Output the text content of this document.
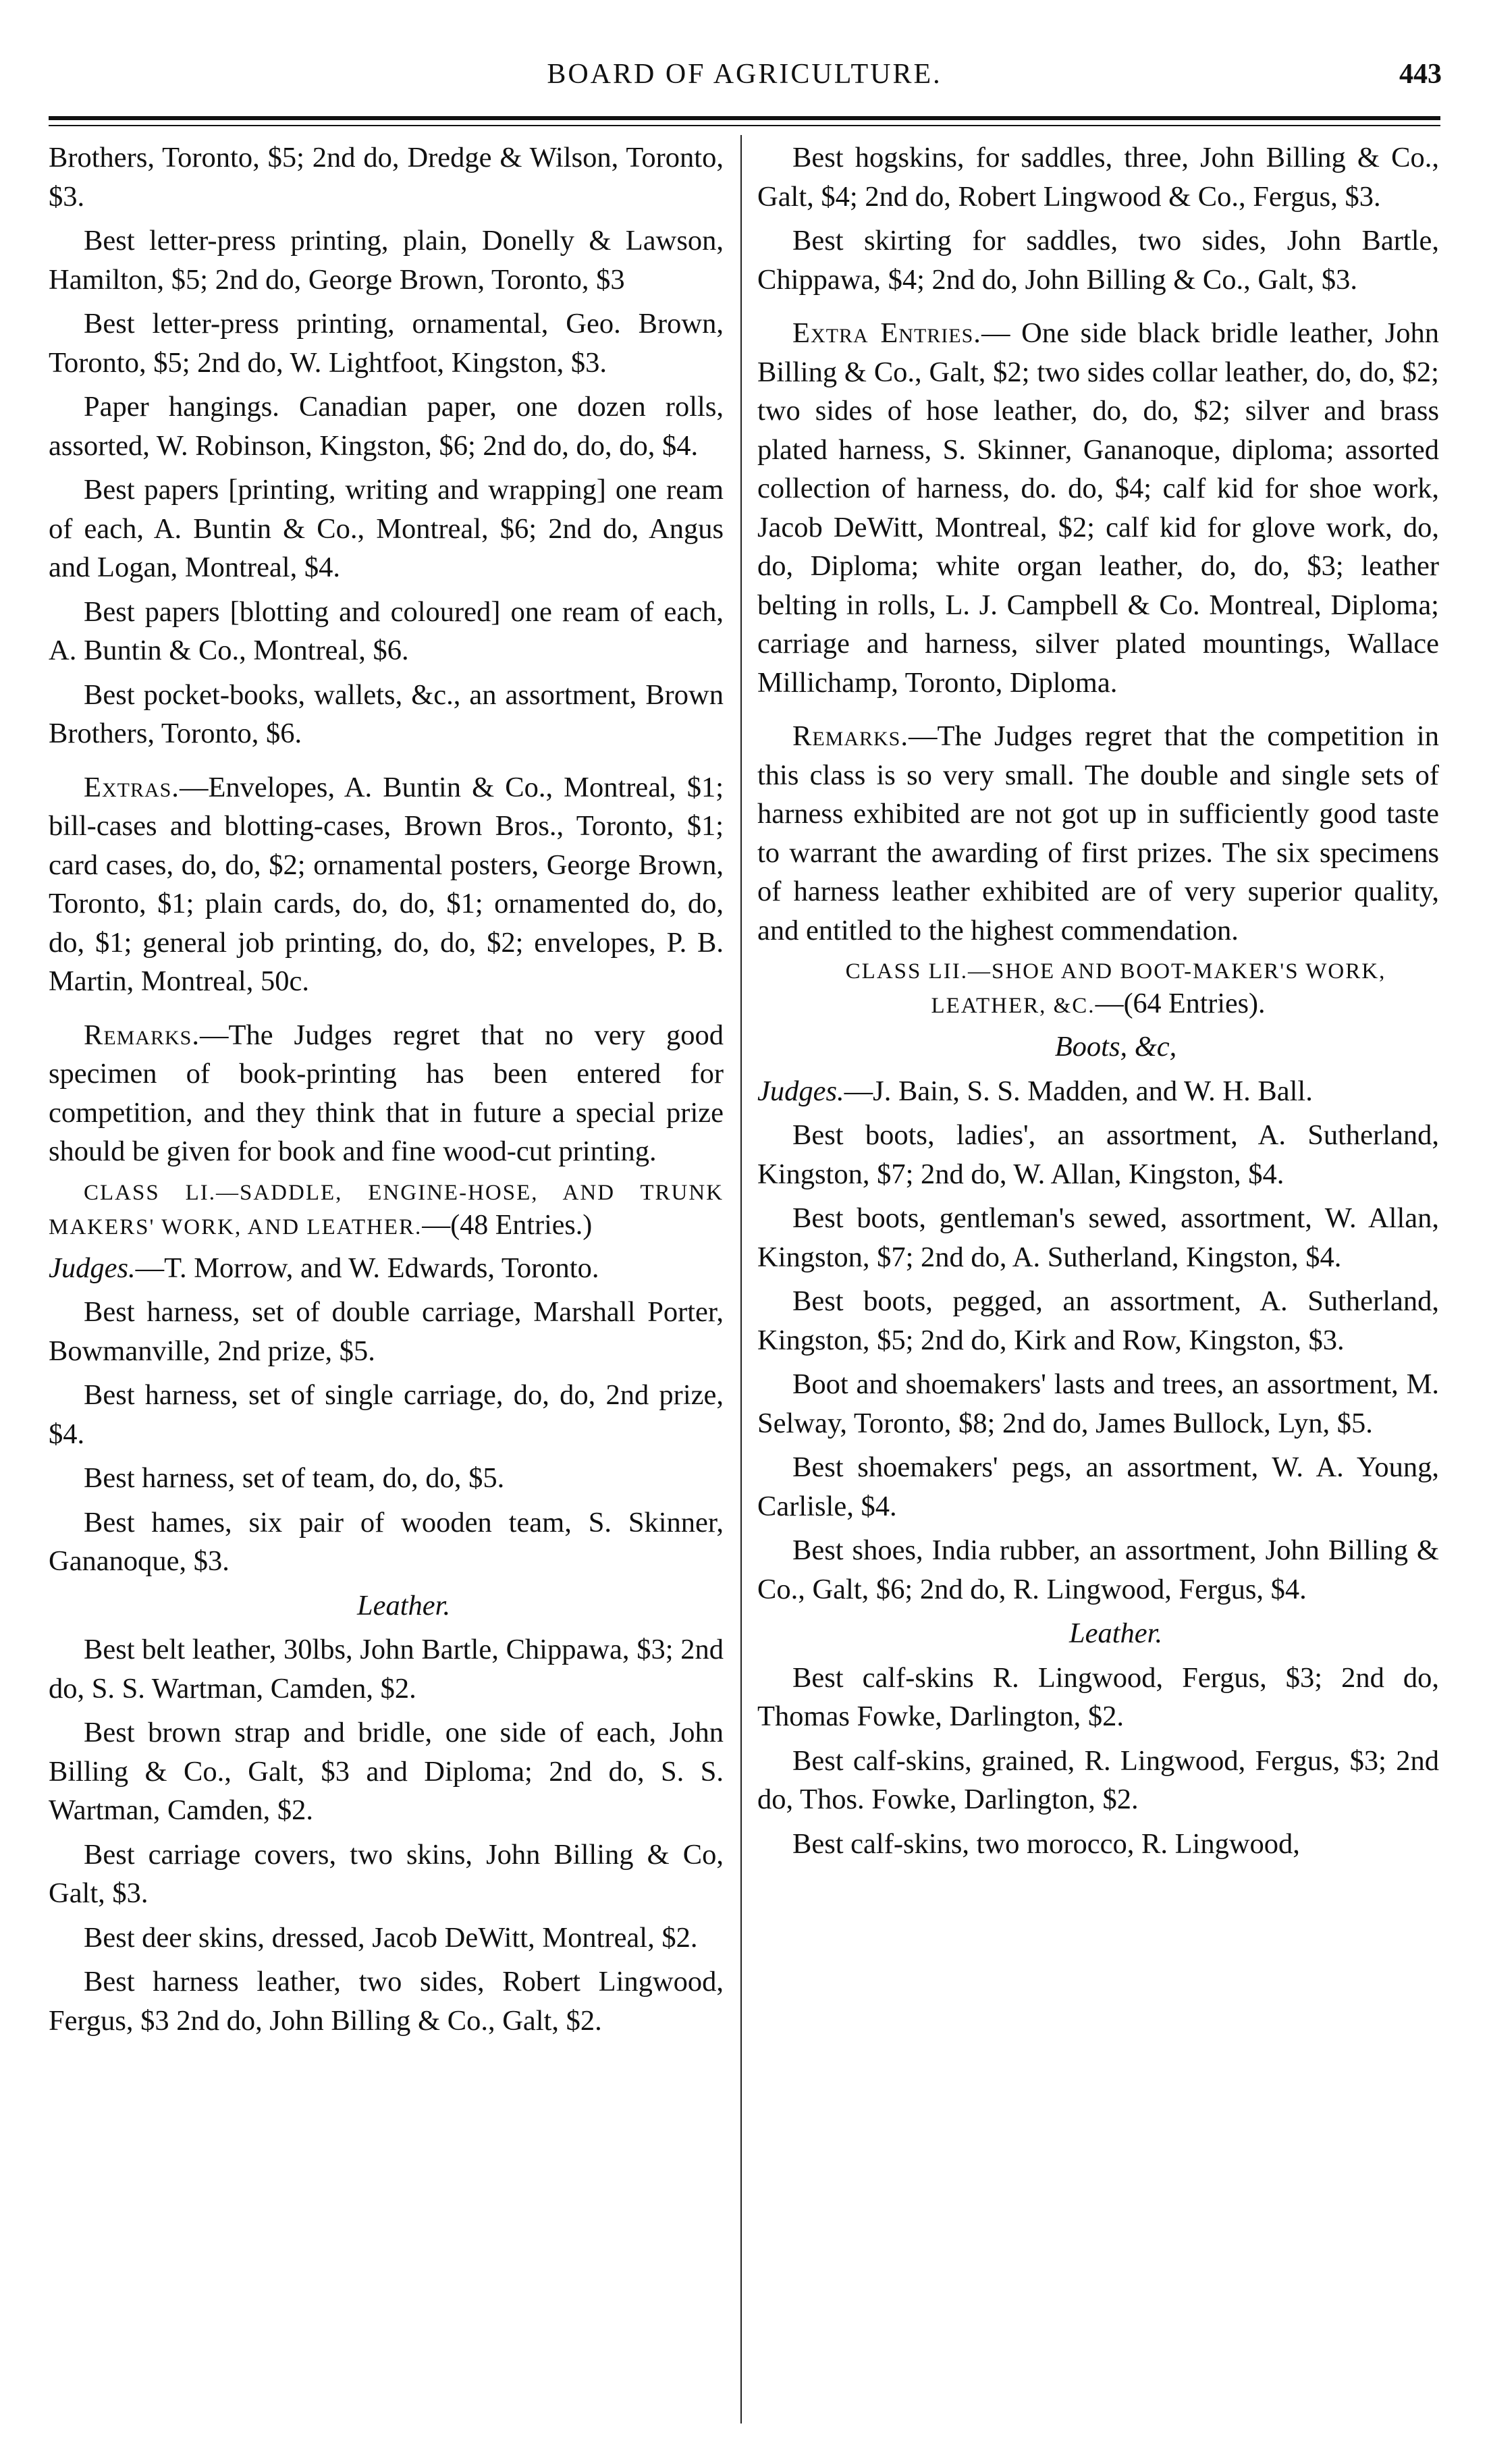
BOARD OF AGRICULTURE.	443

Brothers, Toronto, $5; 2nd do, Dredge & Wilson, Toronto, $3.

Best letter-press printing, plain, Donelly & Lawson, Hamilton, $5; 2nd do, George Brown, Toronto, $3

Best letter-press printing, ornamental, Geo. Brown, Toronto, $5; 2nd do, W. Lightfoot, Kingston, $3.

Paper hangings. Canadian paper, one dozen rolls, assorted, W. Robinson, Kingston, $6; 2nd do, do, do, $4.

Best papers [printing, writing and wrapping] one ream of each, A. Buntin & Co., Montreal, $6; 2nd do, Angus and Logan, Montreal, $4.

Best papers [blotting and coloured] one ream of each, A. Buntin & Co., Montreal, $6.

Best pocket-books, wallets, &c., an assortment, Brown Brothers, Toronto, $6.

Extras.—Envelopes, A. Buntin & Co., Montreal, $1; bill-cases and blotting-cases, Brown Bros., Toronto, $1; card cases, do, do, $2; ornamental posters, George Brown, Toronto, $1; plain cards, do, do, $1; ornamented do, do, do, $1; general job printing, do, do, $2; envelopes, P. B. Martin, Montreal, 50c.

Remarks.—The Judges regret that no very good specimen of book-printing has been entered for competition, and they think that in future a special prize should be given for book and fine wood-cut printing.

CLASS LI.—SADDLE, ENGINE-HOSE, AND TRUNK MAKERS' WORK, AND LEATHER.—(48 Entries.)

Judges.—T. Morrow, and W. Edwards, Toronto.

Best harness, set of double carriage, Marshall Porter, Bowmanville, 2nd prize, $5.

Best harness, set of single carriage, do, do, 2nd prize, $4.

Best harness, set of team, do, do, $5.

Best hames, six pair of wooden team, S. Skinner, Gananoque, $3.

Leather.

Best belt leather, 30lbs, John Bartle, Chippawa, $3; 2nd do, S. S. Wartman, Camden, $2.

Best brown strap and bridle, one side of each, John Billing & Co., Galt, $3 and Diploma; 2nd do, S. S. Wartman, Camden, $2.

Best carriage covers, two skins, John Billing & Co, Galt, $3.

Best deer skins, dressed, Jacob DeWitt, Montreal, $2.

Best harness leather, two sides, Robert Lingwood, Fergus, $3 2nd do, John Billing & Co., Galt, $2.

Best hogskins, for saddles, three, John Billing & Co., Galt, $4; 2nd do, Robert Lingwood & Co., Fergus, $3.

Best skirting for saddles, two sides, John Bartle, Chippawa, $4; 2nd do, John Billing & Co., Galt, $3.

Extra Entries.— One side black bridle leather, John Billing & Co., Galt, $2; two sides collar leather, do, do, $2; two sides of hose leather, do, do, $2; silver and brass plated harness, S. Skinner, Gananoque, diploma; assorted collection of harness, do. do, $4; calf kid for shoe work, Jacob DeWitt, Montreal, $2; calf kid for glove work, do, do, Diploma; white organ leather, do, do, $3; leather belting in rolls, L. J. Campbell & Co. Montreal, Diploma; carriage and harness, silver plated mountings, Wallace Millichamp, Toronto, Diploma.

Remarks.—The Judges regret that the competition in this class is so very small. The double and single sets of harness exhibited are not got up in sufficiently good taste to warrant the awarding of first prizes. The six specimens of harness leather exhibited are of very superior quality, and entitled to the highest commendation.

CLASS LII.—SHOE AND BOOT-MAKER'S WORK, LEATHER, &C.—(64 Entries).

Boots, &c,

Judges.—J. Bain, S. S. Madden, and W. H. Ball.

Best boots, ladies', an assortment, A. Sutherland, Kingston, $7; 2nd do, W. Allan, Kingston, $4.

Best boots, gentleman's sewed, assortment, W. Allan, Kingston, $7; 2nd do, A. Sutherland, Kingston, $4.

Best boots, pegged, an assortment, A. Sutherland, Kingston, $5; 2nd do, Kirk and Row, Kingston, $3.

Boot and shoemakers' lasts and trees, an assortment, M. Selway, Toronto, $8; 2nd do, James Bullock, Lyn, $5.

Best shoemakers' pegs, an assortment, W. A. Young, Carlisle, $4.

Best shoes, India rubber, an assortment, John Billing & Co., Galt, $6; 2nd do, R. Lingwood, Fergus, $4.

Leather.

Best calf-skins R. Lingwood, Fergus, $3; 2nd do, Thomas Fowke, Darlington, $2.

Best calf-skins, grained, R. Lingwood, Fergus, $3; 2nd do, Thos. Fowke, Darlington, $2.

Best calf-skins, two morocco, R. Lingwood,
